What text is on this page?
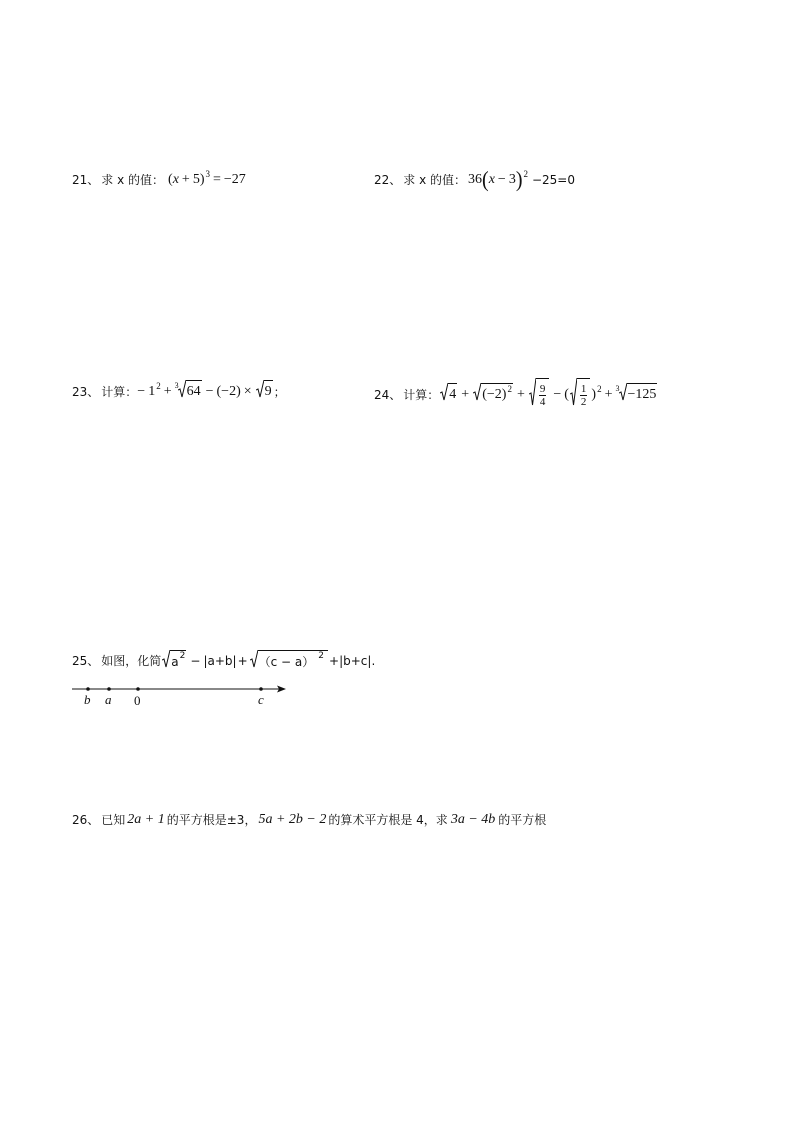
21、 求 x 的值： ( x + 5 ) 3 = −27	22、 求 x 的值： 36 ( x − 3 ) 2 −25=0
23、 计算： − 1 2 + 3 64 − (−2) × 9 ；	24、 计算： 4 + (−2) $2 + \frac{9}{4}$ − ( $\frac{1}{2}$ ) 2 + 3 −125
25、 如图，化简 a 2 − |a+b| + （c − a） 2 + |b+c| .
b a 0	c
26、 已知 2a + 1 的平方根是±3， 5a + 2b − 2 的算术平方根是 4，求 3a − 4b 的平方根
